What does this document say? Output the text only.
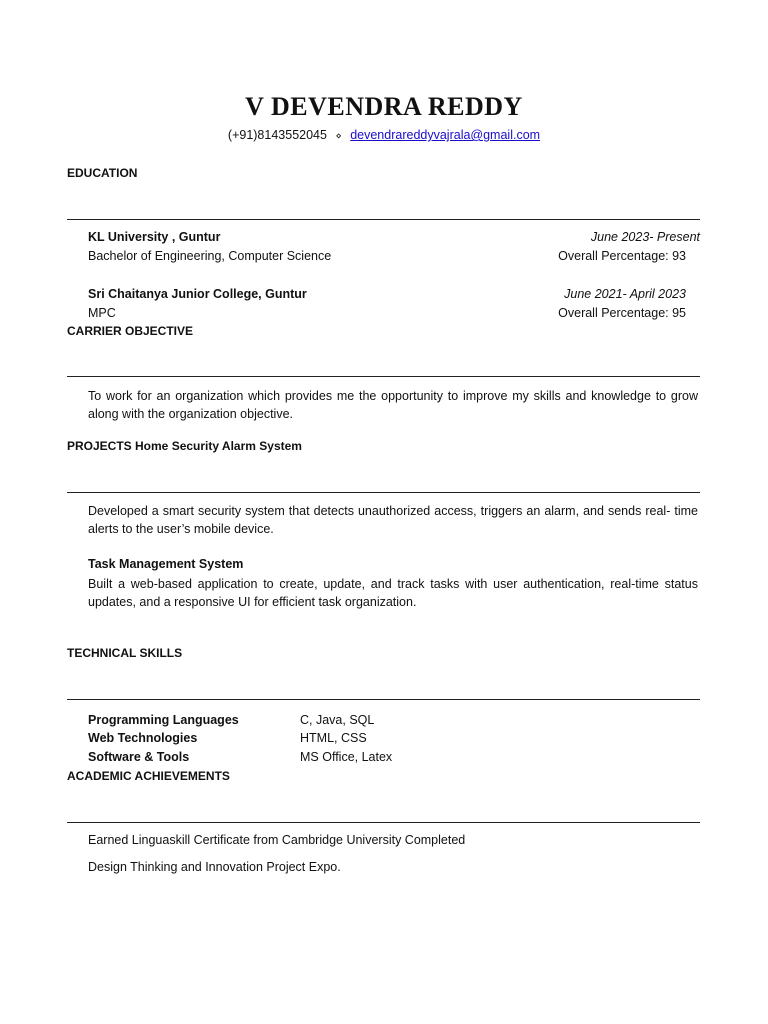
V DEVENDRA REDDY
(+91)8143552045 ⋄ devendrareddyvajrala@gmail.com
EDUCATION
KL University , Guntur	June 2023- Present
Bachelor of Engineering, Computer Science	Overall Percentage: 93
Sri Chaitanya Junior College, Guntur	June 2021- April 2023
MPC	Overall Percentage: 95
CARRIER OBJECTIVE
To work for an organization which provides me the opportunity to improve my skills and knowledge to grow along with the organization objective.
PROJECTS Home Security Alarm System
Developed a smart security system that detects unauthorized access, triggers an alarm, and sends real- time alerts to the user’s mobile device.
Task Management System
Built a web-based application to create, update, and track tasks with user authentication, real-time status updates, and a responsive UI for efficient task organization.
TECHNICAL SKILLS
Programming Languages	C, Java, SQL
Web Technologies	HTML, CSS
Software & Tools	MS Office, Latex
ACADEMIC ACHIEVEMENTS
Earned Linguaskill Certificate from Cambridge University Completed
Design Thinking and Innovation Project Expo.
